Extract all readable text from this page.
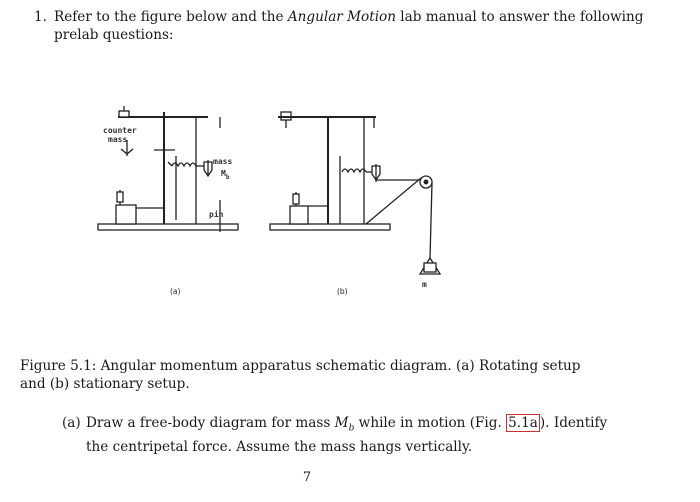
1. Refer to the figure below and the Angular Motion lab manual to answer the following prelab questions:
counter
mass
mass
$M_b$
pin
m
(a)	(b)
Figure 5.1: Angular momentum apparatus schematic diagram. (a) Rotating setup and (b) stationary setup.
(a) Draw a free-body diagram for mass $M_b$ while in motion (Fig. 5.1a ). Identify the centripetal force. Assume the mass hangs vertically.
7
